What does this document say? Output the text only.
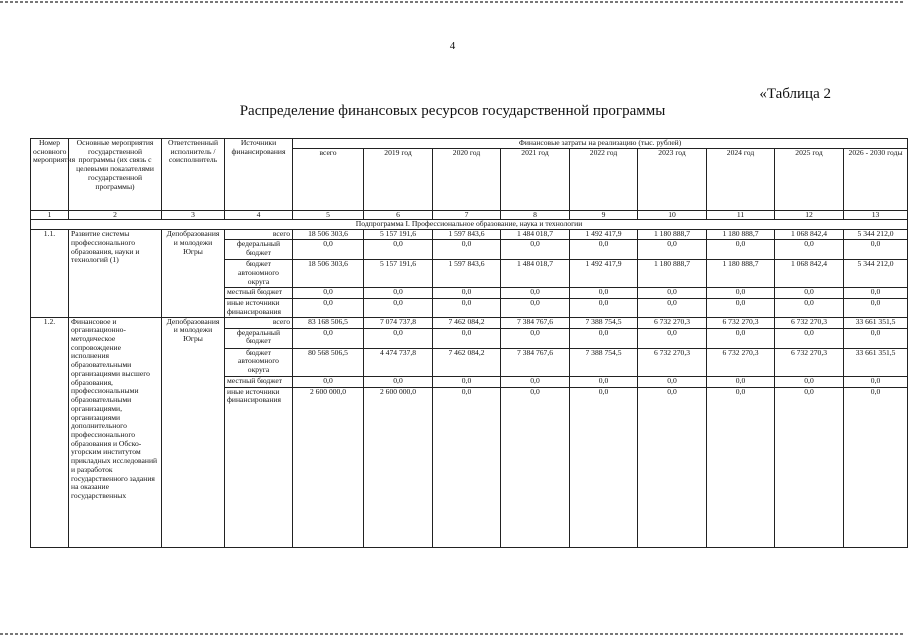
4
«Таблица 2
Распределение финансовых ресурсов государственной программы
Номер основного мероприятия	Основные мероприятия государственной программы (их связь с целевыми показателями государственной программы)	Ответственный исполнитель / соисполнитель	Источники финансирования	Финансовые затраты на реализацию (тыс. рублей)								
				всего	2019 год	2020 год	2021 год	2022 год	2023 год	2024 год	2025 год	2026 - 2030 годы
1	2	3	4	5	6	7	8	9	10	11	12	13
Подпрограмма I. Профессиональное образование, наука и технологии												
1.1.	Развитие системы профессионального образования, науки и технологий (1)	Депобразования и молодежи Югры	всего	18 506 303,6	5 157 191,6	1 597 843,6	1 484 018,7	1 492 417,9	1 180 888,7	1 180 888,7	1 068 842,4	5 344 212,0
			федеральный бюджет	0,0	0,0	0,0	0,0	0,0	0,0	0,0	0,0	0,0
			бюджет автономного округа	18 506 303,6	5 157 191,6	1 597 843,6	1 484 018,7	1 492 417,9	1 180 888,7	1 180 888,7	1 068 842,4	5 344 212,0
			местный бюджет	0,0	0,0	0,0	0,0	0,0	0,0	0,0	0,0	0,0
			иные источники финансирования	0,0	0,0	0,0	0,0	0,0	0,0	0,0	0,0	0,0
1.2.	Финансовое и организационно-методическое сопровождение исполнения образовательными организациями высшего образования, профессиональными образовательными организациями, организациями дополнительного профессионального образования и Обско-угорским институтом прикладных исследований и разработок государственного задания на оказание государственных	Депобразования и молодежи Югры	всего	83 168 506,5	7 074 737,8	7 462 084,2	7 384 767,6	7 388 754,5	6 732 270,3	6 732 270,3	6 732 270,3	33 661 351,5
			федеральный бюджет	0,0	0,0	0,0	0,0	0,0	0,0	0,0	0,0	0,0
			бюджет автономного округа	80 568 506,5	4 474 737,8	7 462 084,2	7 384 767,6	7 388 754,5	6 732 270,3	6 732 270,3	6 732 270,3	33 661 351,5
			местный бюджет	0,0	0,0	0,0	0,0	0,0	0,0	0,0	0,0	0,0
			иные источники финансирования	2 600 000,0	2 600 000,0	0,0	0,0	0,0	0,0	0,0	0,0	0,0
